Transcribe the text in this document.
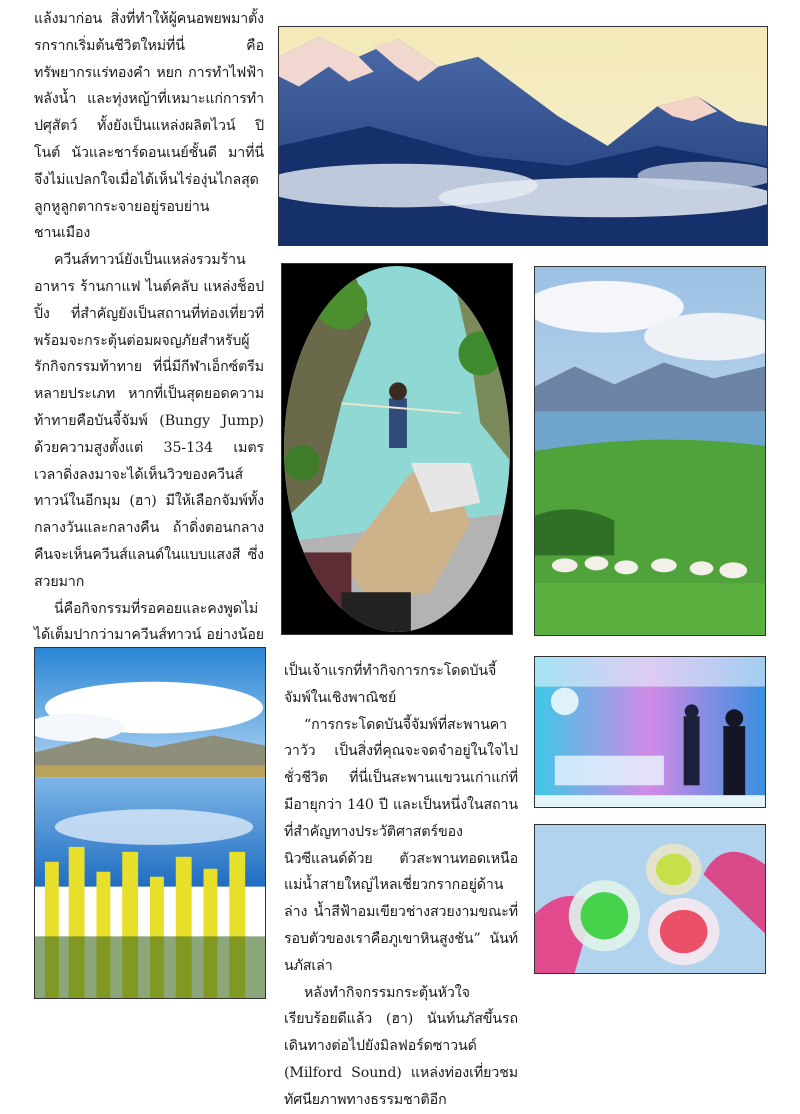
แล้งมาก่อน สิ่งที่ทำให้ผู้คนอพยพมาตั้งรกรากเริ่มต้นชีวิตใหม่ที่นี่ คือทรัพยากรแร่ทองคำ หยก การทำไฟฟ้าพลังน้ำ และทุ่งหญ้าที่เหมาะแก่การทำปศุสัตว์ ทั้งยังเป็นแหล่งผลิตไวน์ ปิ โนต์ นัวและชาร์ดอนเนย์ชั้นดี มาที่นี่จึงไม่แปลกใจเมื่อได้เห็นไร่องุ่นไกลสุดลูกหูลูกตากระจายอยู่รอบย่านชานเมือง

ควีนส์ทาวน์ยังเป็นแหล่งรวมร้านอาหาร ร้านกาแฟ ไนต์คลับ แหล่งช็อปปิ้ง ที่สำคัญยังเป็นสถานที่ท่องเที่ยวที่พร้อมจะกระตุ้นต่อมผจญภัยสำหรับผู้รักกิจกรรมท้าทาย ที่นี่มีกีฬาเอ็กซ์ตรีมหลายประเภท หากที่เป็นสุดยอดความท้าทายคือบันจี้จัมพ์ (Bungy Jump) ด้วยความสูงตั้งแต่ 35-134 เมตร เวลาดิ่งลงมาจะได้เห็นวิวของควีนส์ทาวน์ในอีกมุม (ฮา) มีให้เลือกจัมพ์ทั้งกลางวันและกลางคืน ถ้าดิ่งตอนกลางคืนจะเห็นควีนส์แลนด์ในแบบแสงสี ซึ่งสวยมาก

นี่คือกิจกรรมที่รอคอยและคงพูดไม่ได้เต็มปากว่ามาควีนส์ทาวน์ อย่างน้อย

เป็นเจ้าแรกที่ทำกิจการกระโดดบันจี้จัมพ์ในเชิงพาณิชย์

“การกระโดดบันจี้จัมพ์ที่สะพานคาวาวัว เป็นสิ่งที่คุณจะจดจำอยู่ในใจไปชั่วชีวิต ที่นี่เป็นสะพานแขวนเก่าแก่ที่มีอายุกว่า 140 ปี และเป็นหนึ่งในสถานที่สำคัญทางประวัติศาสตร์ของนิวซีแลนด์ด้วย ตัวสะพานทอดเหนือแม่น้ำสายใหญ่ไหลเชี่ยวกรากอยู่ด้านล่าง น้ำสีฟ้าอมเขียวช่างสวยงามขณะที่รอบตัวของเราคือภูเขาหินสูงชัน” นันท์นภัสเล่า

หลังทำกิจกรรมกระตุ้นหัวใจเรียบร้อยดีแล้ว (ฮา) นันท์นภัสขึ้นรถเดินทางต่อไปยังมิลฟอร์ดซาวนด์ (Milford Sound) แหล่งท่องเที่ยวชมทัศนียภาพทางธรรมชาติอีก
